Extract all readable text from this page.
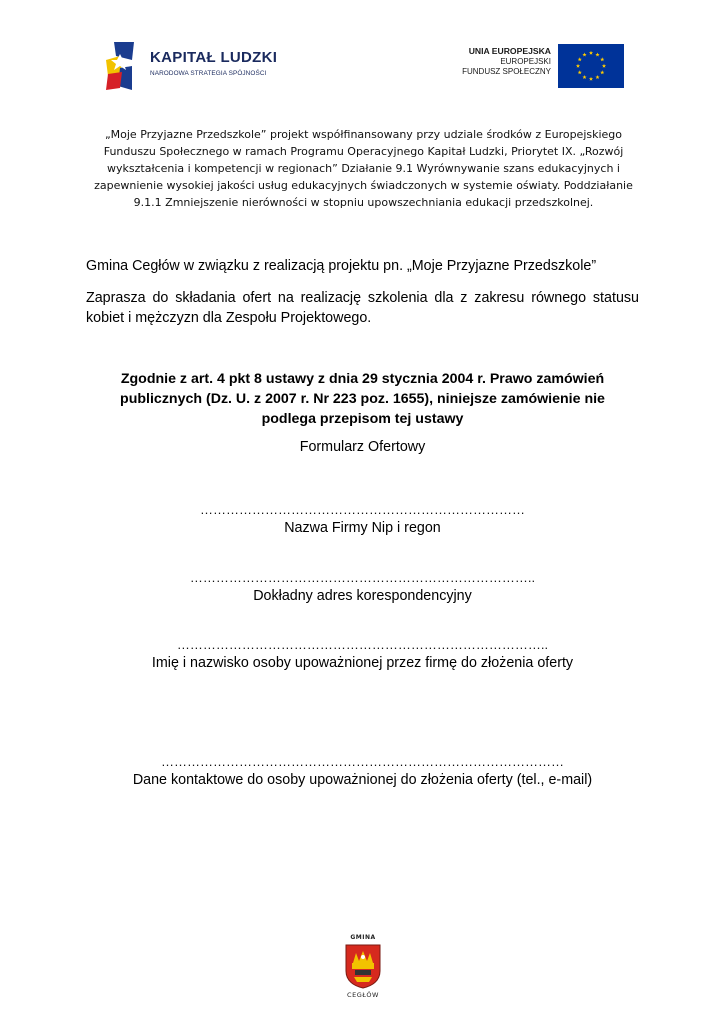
KAPITAŁ LUDZKI
NARODOWA STRATEGIA SPÓJNOŚCI
UNIA EUROPEJSKA
EUROPEJSKI
FUNDUSZ SPOŁECZNY
„Moje Przyjazne Przedszkole” projekt współfinansowany przy udziale środków z Europejskiego Funduszu Społecznego w ramach Programu Operacyjnego Kapitał Ludzki, Priorytet IX. „Rozwój wykształcenia i kompetencji w regionach” Działanie 9.1 Wyrównywanie szans edukacyjnych i zapewnienie wysokiej jakości usług edukacyjnych świadczonych w systemie oświaty. Poddziałanie 9.1.1 Zmniejszenie nierówności w stopniu upowszechniania edukacji przedszkolnej.
Gmina Cegłów w związku z realizacją projektu pn. „Moje Przyjazne Przedszkole”
Zaprasza do składania ofert na realizację szkolenia dla z zakresu równego statusu kobiet i mężczyzn dla Zespołu Projektowego.
Zgodnie z art. 4 pkt 8 ustawy z dnia 29 stycznia 2004 r. Prawo zamówień publicznych (Dz. U. z 2007 r. Nr 223 poz. 1655), niniejsze zamówienie nie podlega przepisom tej ustawy
Formularz Ofertowy
…………………………………………………………………
Nazwa Firmy Nip i regon
……………………………………………………………………..
Dokładny adres korespondencyjny
…………………………………………………………………………..
Imię i nazwisko osoby upoważnionej przez firmę do złożenia oferty
…………………………………………………………………………………
Dane kontaktowe do osoby upoważnionej do złożenia oferty (tel., e-mail)
GMINA
CEGŁÓW
